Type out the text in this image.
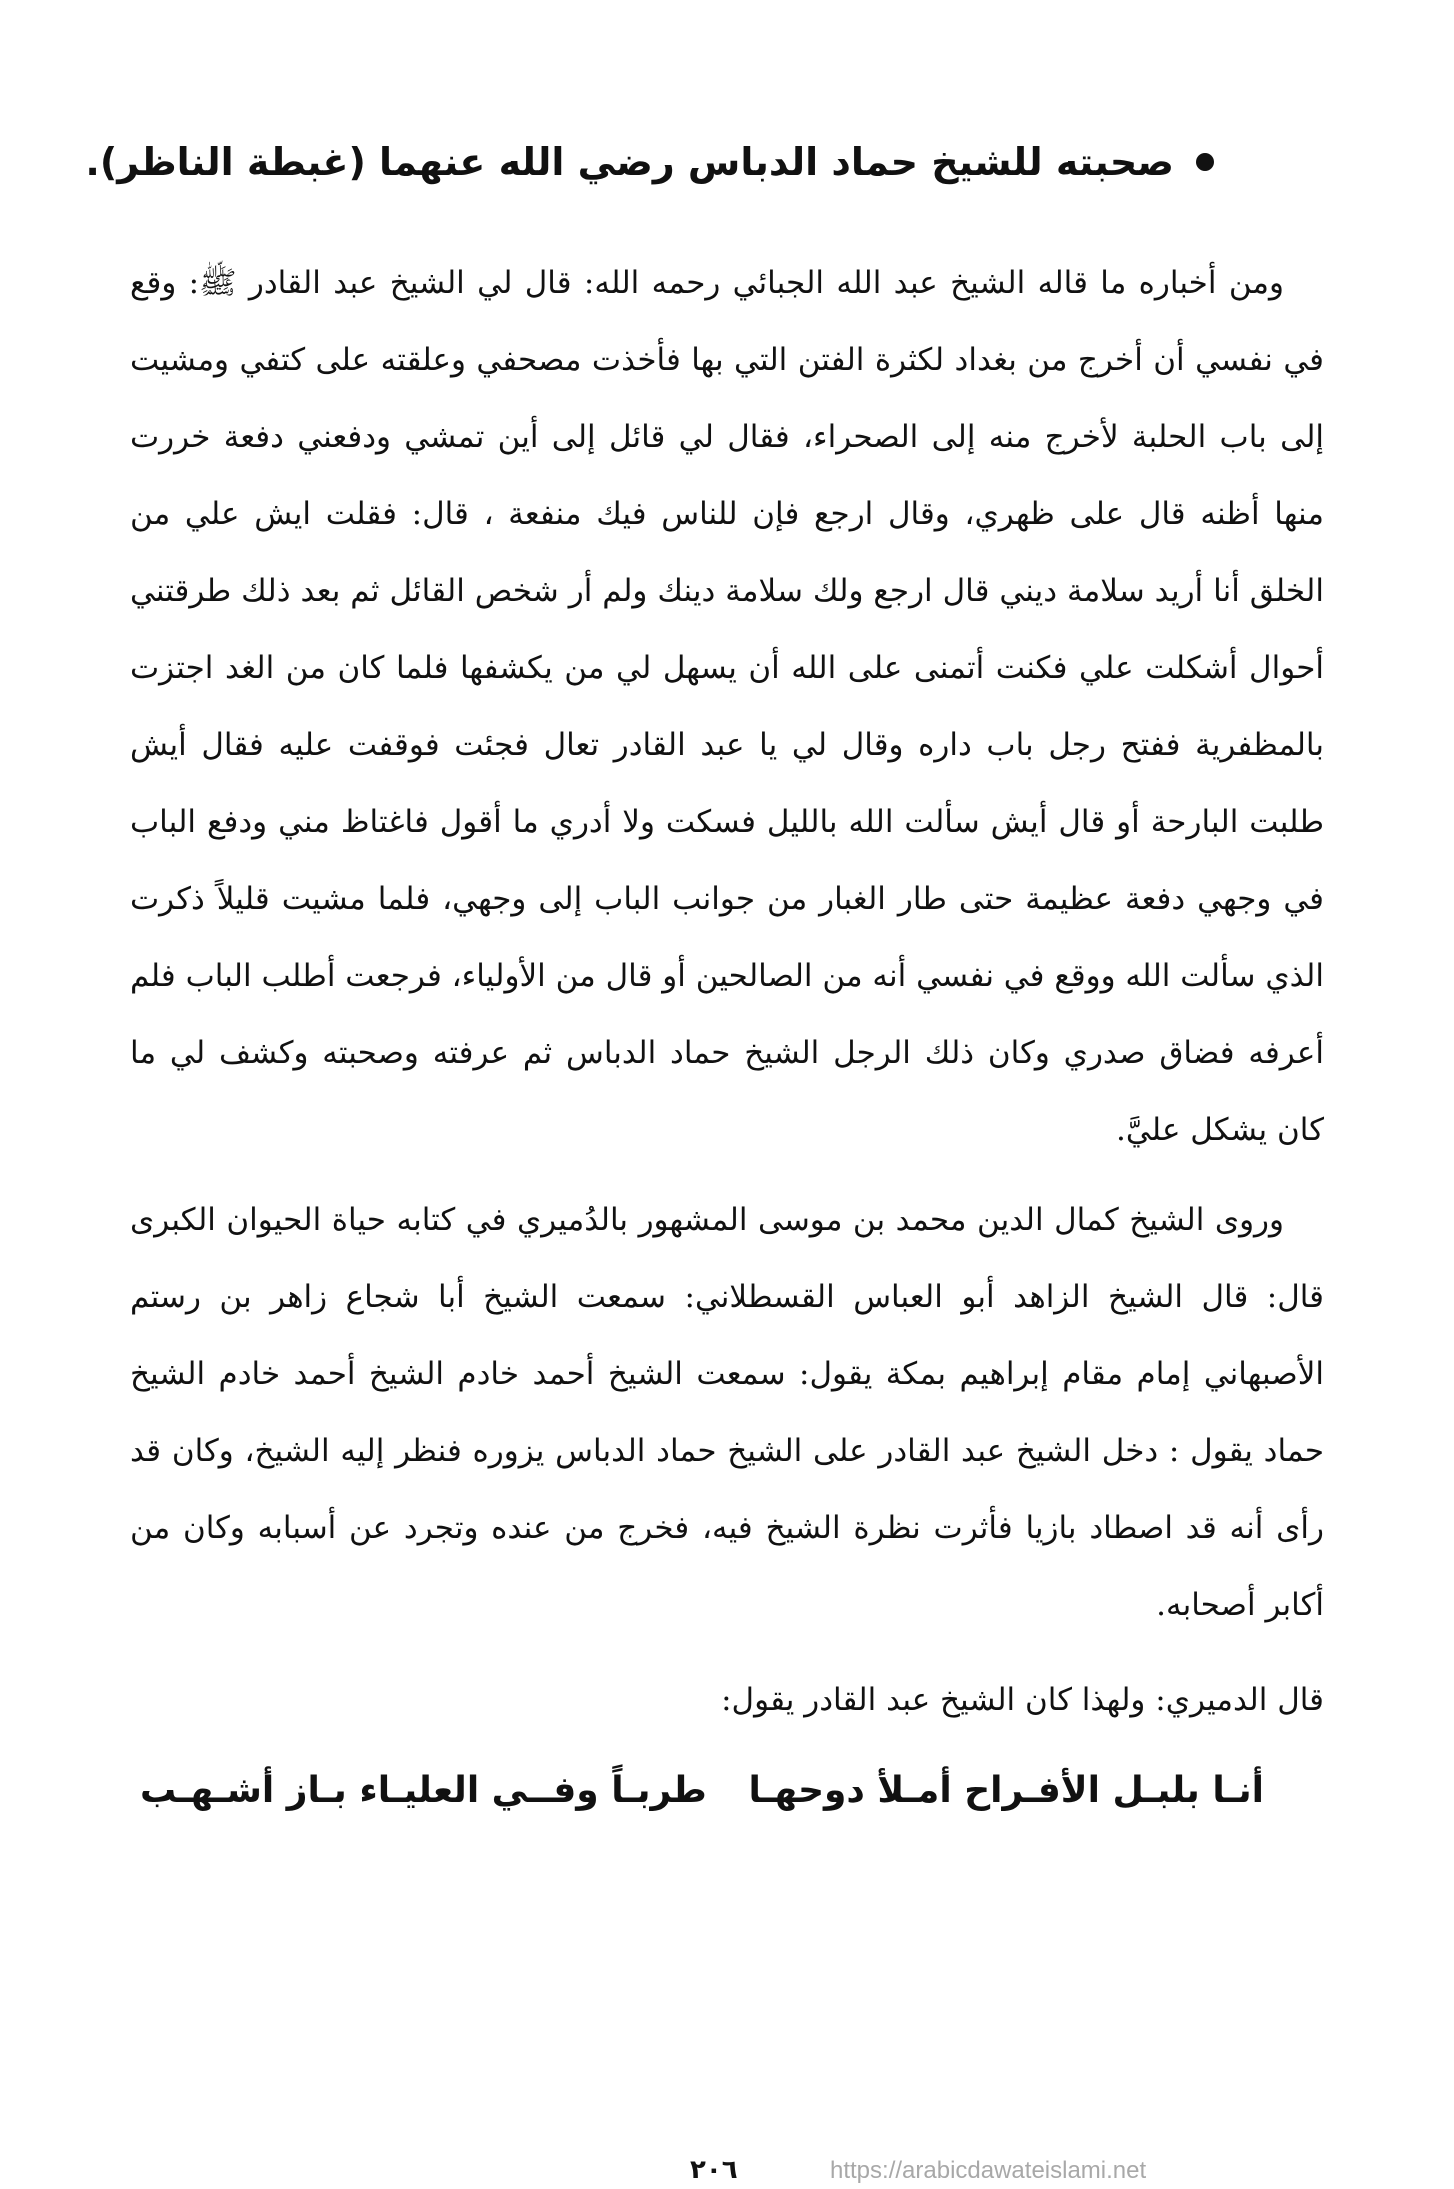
صحبته للشيخ حماد الدباس رضي الله عنهما (غبطة الناظر).

ومن أخباره ما قاله الشيخ عبد الله الجبائي رحمه الله: قال لي الشيخ عبد القادر ﷺ: وقع في نفسي أن أخرج من بغداد لكثرة الفتن التي بها فأخذت مصحفي وعلقته على كتفي ومشيت إلى باب الحلبة لأخرج منه إلى الصحراء، فقال لي قائل إلى أين تمشي ودفعني دفعة خررت منها أظنه قال على ظهري، وقال ارجع فإن للناس فيك منفعة ، قال: فقلت ايش علي من الخلق أنا أريد سلامة ديني قال ارجع ولك سلامة دينك ولم أر شخص القائل ثم بعد ذلك طرقتني أحوال أشكلت علي فكنت أتمنى على الله أن يسهل لي من يكشفها فلما كان من الغد اجتزت بالمظفرية ففتح رجل باب داره وقال لي يا عبد القادر تعال فجئت فوقفت عليه فقال أيش طلبت البارحة أو قال أيش سألت الله بالليل فسكت ولا أدري ما أقول فاغتاظ مني ودفع الباب في وجهي دفعة عظيمة حتى طار الغبار من جوانب الباب إلى وجهي، فلما مشيت قليلاً ذكرت الذي سألت الله ووقع في نفسي أنه من الصالحين أو قال من الأولياء، فرجعت أطلب الباب فلم أعرفه فضاق صدري وكان ذلك الرجل الشيخ حماد الدباس ثم عرفته وصحبته وكشف لي ما كان يشكل عليَّ.

وروى الشيخ كمال الدين محمد بن موسى المشهور بالدُميري في كتابه حياة الحيوان الكبرى قال: قال الشيخ الزاهد أبو العباس القسطلاني: سمعت الشيخ أبا شجاع زاهر بن رستم الأصبهاني إمام مقام إبراهيم بمكة يقول: سمعت الشيخ أحمد خادم الشيخ أحمد خادم الشيخ حماد يقول : دخل الشيخ عبد القادر على الشيخ حماد الدباس يزوره فنظر إليه الشيخ، وكان قد رأى أنه قد اصطاد بازيا فأثرت نظرة الشيخ فيه، فخرج من عنده وتجرد عن أسبابه وكان من أكابر أصحابه.

قال الدميري: ولهذا كان الشيخ عبد القادر يقول:

أنـا بلبـل الأفـراح أمـلأ دوحهـا
طربـاً وفــي العليـاء بـاز أشـهـب
٢٠٦	https://arabicdawateislami.net
